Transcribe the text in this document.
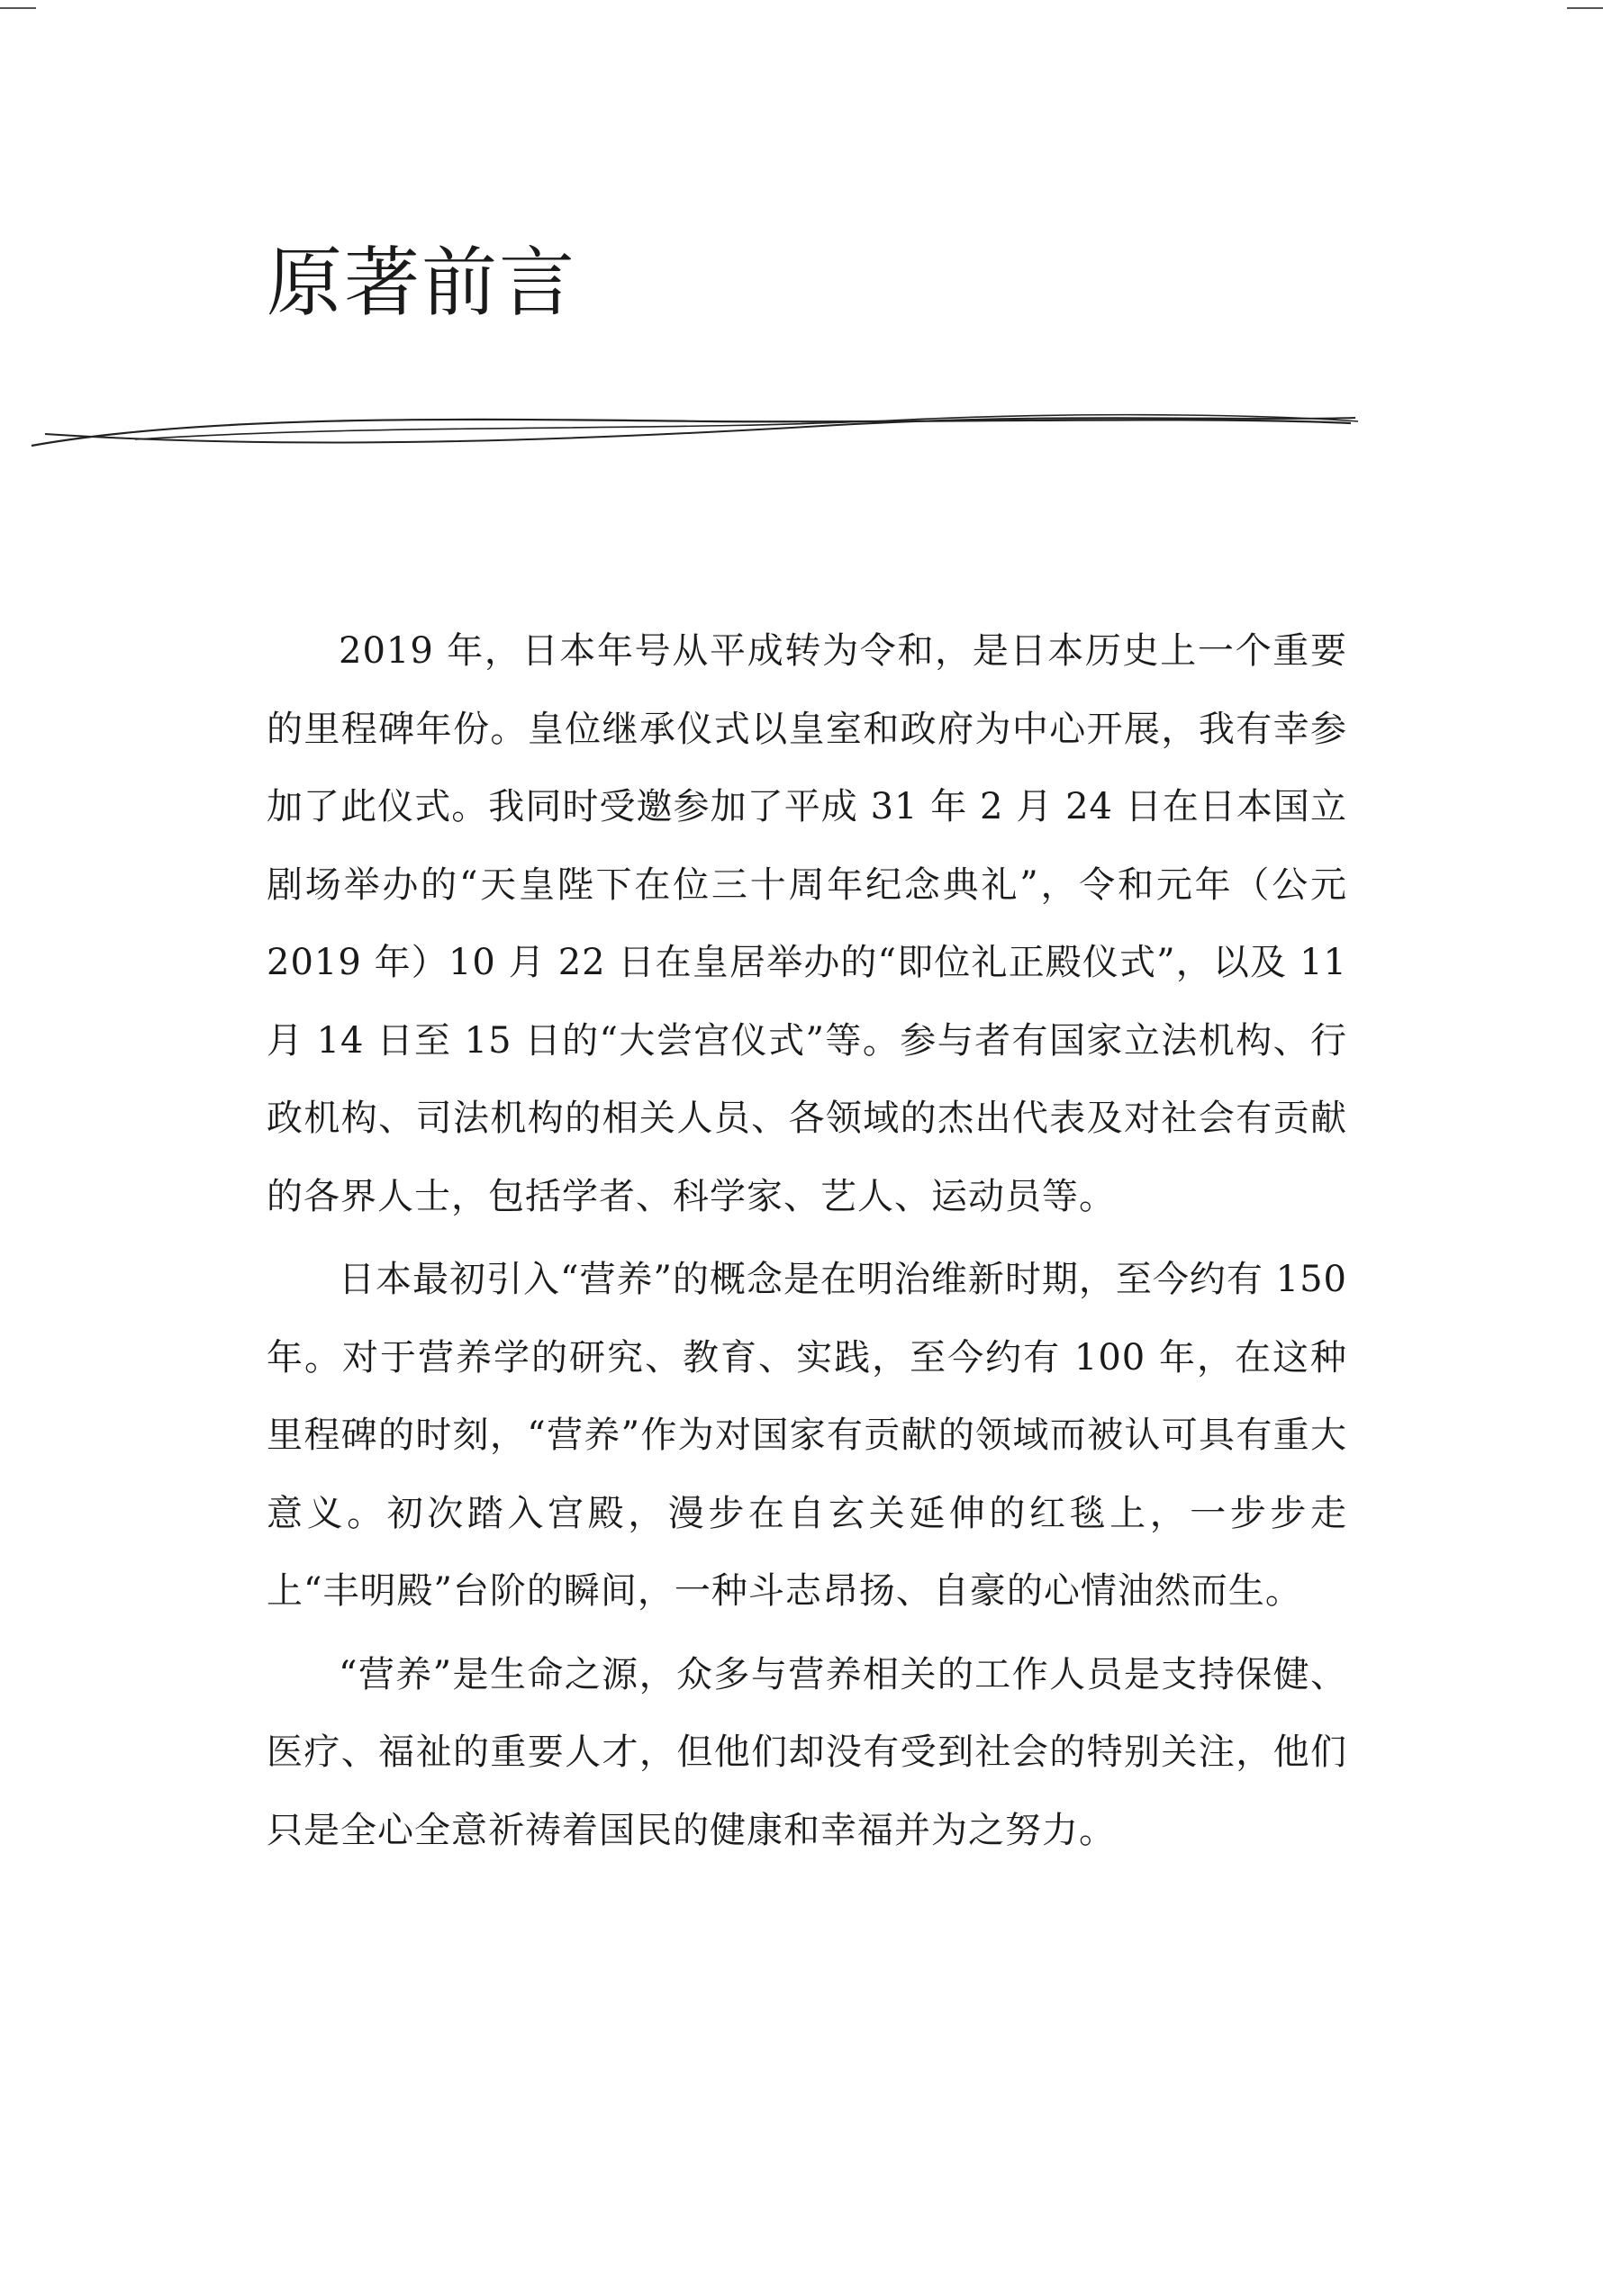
原著前言

2019 年，日本年号从平成转为令和，是日本历史上一个重要的里程碑年份。皇位继承仪式以皇室和政府为中心开展，我有幸参加了此仪式。我同时受邀参加了平成 31 年 2 月 24 日在日本国立剧场举办的“天皇陛下在位三十周年纪念典礼”，令和元年（公元 2019 年）10 月 22 日在皇居举办的“即位礼正殿仪式”，以及 11 月 14 日至 15 日的“大尝宫仪式”等。参与者有国家立法机构、行政机构、司法机构的相关人员、各领域的杰出代表及对社会有贡献的各界人士，包括学者、科学家、艺人、运动员等。

日本最初引入“营养”的概念是在明治维新时期，至今约有 150 年。对于营养学的研究、教育、实践，至今约有 100 年，在这种里程碑的时刻，“营养”作为对国家有贡献的领域而被认可具有重大意义。初次踏入宫殿，漫步在自玄关延伸的红毯上，一步步走上“丰明殿”台阶的瞬间，一种斗志昂扬、自豪的心情油然而生。

“营养”是生命之源，众多与营养相关的工作人员是支持保健、医疗、福祉的重要人才，但他们却没有受到社会的特别关注，他们只是全心全意祈祷着国民的健康和幸福并为之努力。
